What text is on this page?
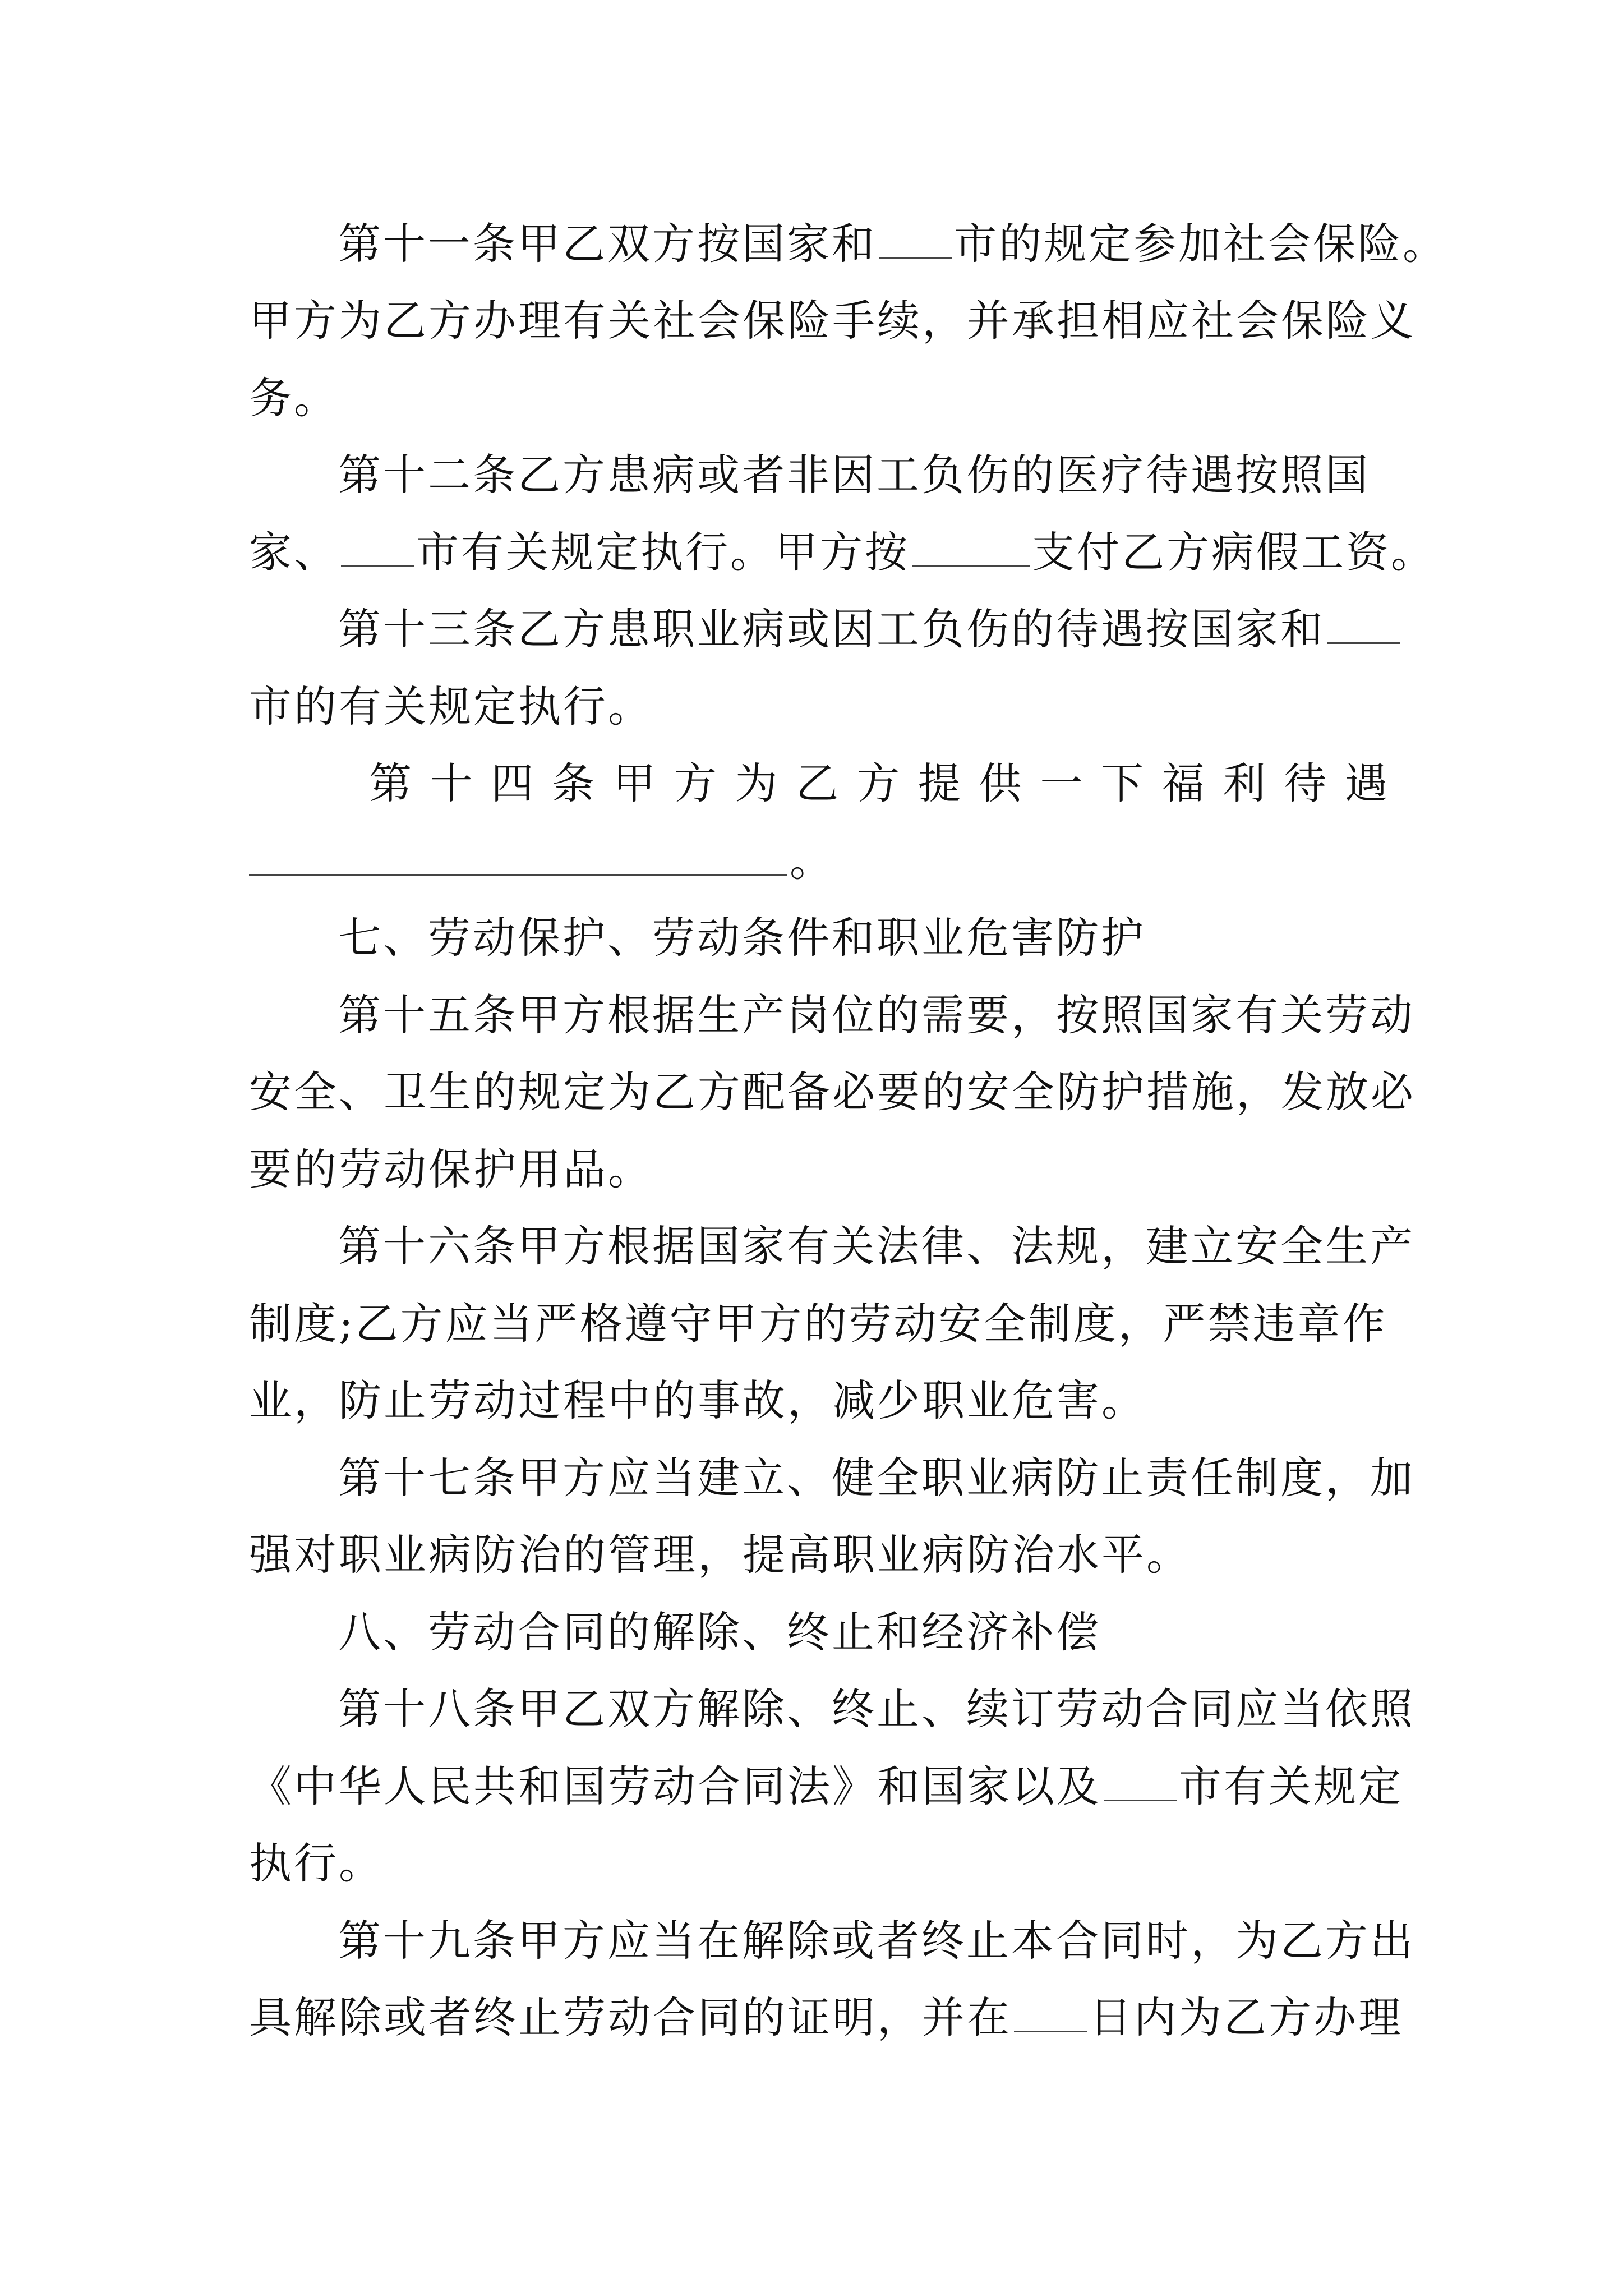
第十一条甲乙双方按国家和 市的规定参加社会保险。
甲方为乙方办理有关社会保险手续，并承担相应社会保险义
务。
第十二条乙方患病或者非因工负伤的医疗待遇按照国
家、 市有关规定执行。甲方按	支付乙方病假工资。
第十三条乙方患职业病或因工负伤的待遇按国家和
市的有关规定执行。
第 十 四 条 甲 方 为 乙 方 提 供 一 下 福 利 待 遇
。
七、劳动保护、劳动条件和职业危害防护
第十五条甲方根据生产岗位的需要，按照国家有关劳动
安全、卫生的规定为乙方配备必要的安全防护措施，发放必
要的劳动保护用品。
第十六条甲方根据国家有关法律、法规，建立安全生产
制度;乙方应当严格遵守甲方的劳动安全制度，严禁违章作
业，防止劳动过程中的事故，减少职业危害。
第十七条甲方应当建立、健全职业病防止责任制度，加
强对职业病防治的管理，提高职业病防治水平。
八、劳动合同的解除、终止和经济补偿
第十八条甲乙双方解除、终止、续订劳动合同应当依照
《中华人民共和国劳动合同法》和国家以及 市有关规定
执行。
第十九条甲方应当在解除或者终止本合同时，为乙方出
具解除或者终止劳动合同的证明，并在 日内为乙方办理
